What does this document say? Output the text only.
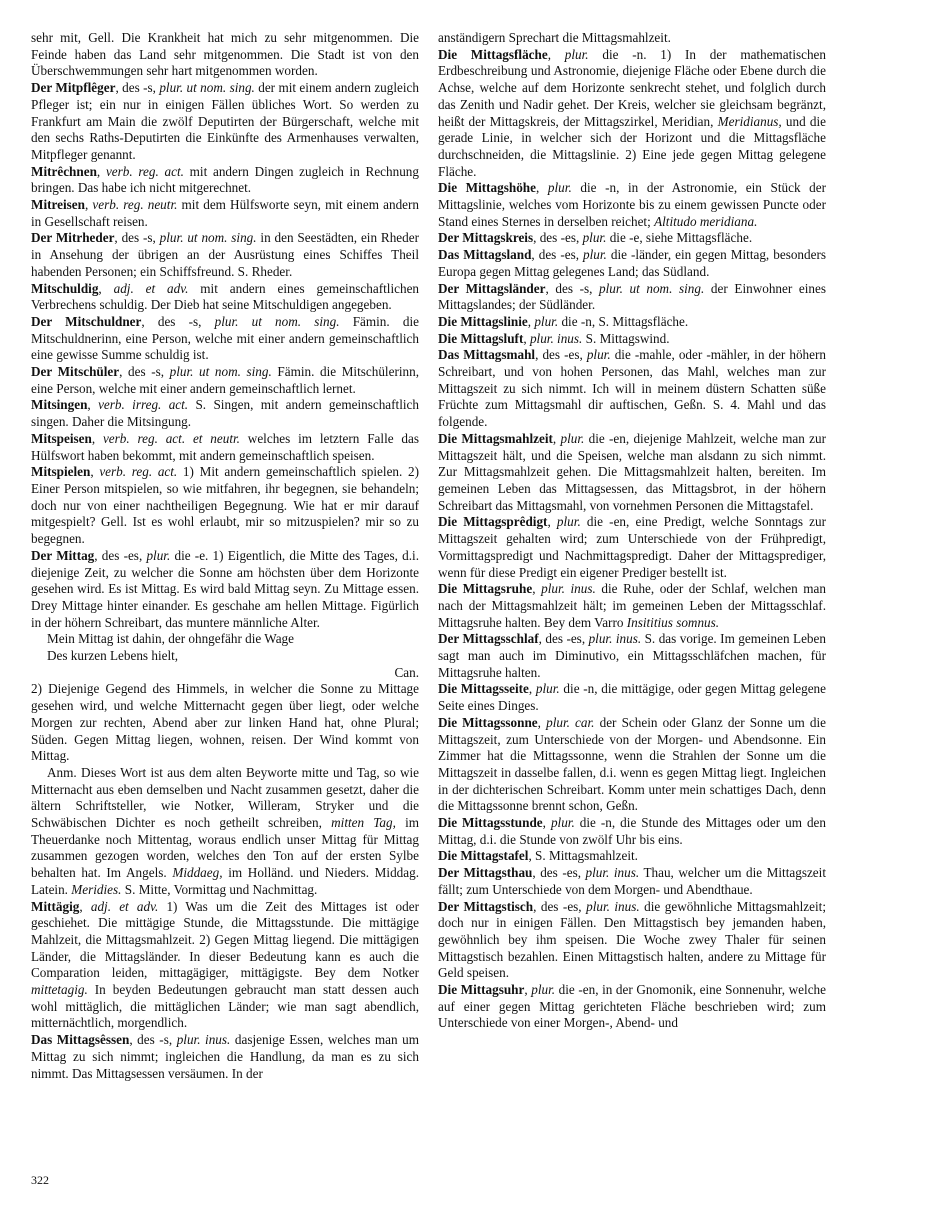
sehr mit, Gell. Die Krankheit hat mich zu sehr mitgenommen. Die Feinde haben das Land sehr mitgenommen. Die Stadt ist von den Überschwemmungen sehr hart mitgenommen worden.

Der Mitpflêger, des -s, plur. ut nom. sing. der mit einem andern zugleich Pfleger ist; ein nur in einigen Fällen übliches Wort. So werden zu Frankfurt am Main die zwölf Deputirten der Bürgerschaft, welche mit den sechs Raths-Deputirten die Einkünfte des Armenhauses verwalten, Mitpfleger genannt.

Mitrêchnen, verb. reg. act. mit andern Dingen zugleich in Rechnung bringen. Das habe ich nicht mitgerechnet.

Mitreisen, verb. reg. neutr. mit dem Hülfsworte seyn, mit einem andern in Gesellschaft reisen.

Der Mitrheder, des -s, plur. ut nom. sing. in den Seestädten, ein Rheder in Ansehung der übrigen an der Ausrüstung eines Schiffes Theil habenden Personen; ein Schiffsfreund. S. Rheder.

Mitschuldig, adj. et adv. mit andern eines gemeinschaftlichen Verbrechens schuldig. Der Dieb hat seine Mitschuldigen angegeben.

Der Mitschuldner, des -s, plur. ut nom. sing. Fämin. die Mitschuldnerinn, eine Person, welche mit einer andern gemeinschaftlich eine gewisse Summe schuldig ist.

Der Mitschüler, des -s, plur. ut nom. sing. Fämin. die Mitschülerinn, eine Person, welche mit einer andern gemeinschaftlich lernet.

Mitsingen, verb. irreg. act. S. Singen, mit andern gemeinschaftlich singen. Daher die Mitsingung.

Mitspeisen, verb. reg. act. et neutr. welches im letztern Falle das Hülfswort haben bekommt, mit andern gemeinschaftlich speisen.

Mitspielen, verb. reg. act. 1) Mit andern gemeinschaftlich spielen. 2) Einer Person mitspielen, so wie mitfahren, ihr begegnen, sie behandeln; doch nur von einer nachtheiligen Begegnung. Wie hat er mir darauf mitgespielt? Gell. Ist es wohl erlaubt, mir so mitzuspielen? mir so zu begegnen.

Der Mittag, des -es, plur. die -e. 1) Eigentlich, die Mitte des Tages, d.i. diejenige Zeit, zu welcher die Sonne am höchsten über dem Horizonte gesehen wird. Es ist Mittag. Es wird bald Mittag seyn. Zu Mittage essen. Drey Mittage hinter einander. Es geschahe am hellen Mittage. Figürlich in der höhern Schreibart, das muntere männliche Alter.

Mein Mittag ist dahin, der ohngefähr die Wage
Des kurzen Lebens hielt,
Can.

2) Diejenige Gegend des Himmels, in welcher die Sonne zu Mittage gesehen wird, und welche Mitternacht gegen über liegt, oder welche Morgen zur rechten, Abend aber zur linken Hand hat, ohne Plural; Süden. Gegen Mittag liegen, wohnen, reisen. Der Wind kommt von Mittag.

Anm. Dieses Wort ist aus dem alten Beyworte mitte und Tag, so wie Mitternacht aus eben demselben und Nacht zusammen gesetzt, daher die ältern Schriftsteller, wie Notker, Willeram, Stryker und die Schwäbischen Dichter es noch getheilt schreiben, mitten Tag, im Theuerdanke noch Mittentag, woraus endlich unser Mittag für Mittag zusammen gezogen worden, welches den Ton auf der ersten Sylbe behalten hat. Im Angels. Middaeg, im Holländ. und Nieders. Middag. Latein. Meridies. S. Mitte, Vormittag und Nachmittag.

Mittägig, adj. et adv. 1) Was um die Zeit des Mittages ist oder geschiehet. Die mittägige Stunde, die Mittagsstunde. Die mittägige Mahlzeit, die Mittagsmahlzeit. 2) Gegen Mittag liegend. Die mittägigen Länder, die Mittagsländer. In dieser Bedeutung kann es auch die Comparation leiden, mittagägiger, mittägigste. Bey dem Notker mittetagig. In beyden Bedeutungen gebraucht man statt dessen auch wohl mittäglich, die mittäglichen Länder; wie man sagt abendlich, mitternächtlich, morgendlich.

Das Mittagsêssen, des -s, plur. inus. dasjenige Essen, welches man um Mittag zu sich nimmt; ingleichen die Handlung, da man es zu sich nimmt. Das Mittagsessen versäumen. In der

anständigern Sprechart die Mittagsmahlzeit.

Die Mittagsfläche, plur. die -n. 1) In der mathematischen Erdbeschreibung und Astronomie, diejenige Fläche oder Ebene durch die Achse, welche auf dem Horizonte senkrecht stehet, und folglich durch das Zenith und Nadir gehet. Der Kreis, welcher sie gleichsam begränzt, heißt der Mittagskreis, der Mittagszirkel, Meridian, Meridianus, und die gerade Linie, in welcher sich der Horizont und die Mittagsfläche durchschneiden, die Mittagslinie. 2) Eine jede gegen Mittag gelegene Fläche.

Die Mittagshöhe, plur. die -n, in der Astronomie, ein Stück der Mittagslinie, welches vom Horizonte bis zu einem gewissen Puncte oder Stand eines Sternes in derselben reichet; Altitudo meridiana.

Der Mittagskreis, des -es, plur. die -e, siehe Mittagsfläche.

Das Mittagsland, des -es, plur. die -länder, ein gegen Mittag, besonders Europa gegen Mittag gelegenes Land; das Südland.

Der Mittagsländer, des -s, plur. ut nom. sing. der Einwohner eines Mittagslandes; der Südländer.

Die Mittagslinie, plur. die -n, S. Mittagsfläche.

Die Mittagsluft, plur. inus. S. Mittagswind.

Das Mittagsmahl, des -es, plur. die -mahle, oder -mähler, in der höhern Schreibart, und von hohen Personen, das Mahl, welches man zur Mittagszeit zu sich nimmt. Ich will in meinem düstern Schatten süße Früchte zum Mittagsmahl dir auftischen, Geßn. S. 4. Mahl und das folgende.

Die Mittagsmahlzeit, plur. die -en, diejenige Mahlzeit, welche man zur Mittagszeit hält, und die Speisen, welche man alsdann zu sich nimmt. Zur Mittagsmahlzeit gehen. Die Mittagsmahlzeit halten, bereiten. Im gemeinen Leben das Mittagsessen, das Mittagsbrot, in der höhern Schreibart das Mittagsmahl, von vornehmen Personen die Mittagstafel.

Die Mittagsprêdigt, plur. die -en, eine Predigt, welche Sonntags zur Mittagszeit gehalten wird; zum Unterschiede von der Frühpredigt, Vormittagspredigt und Nachmittagspredigt. Daher der Mittagsprediger, wenn für diese Predigt ein eigener Prediger bestellt ist.

Die Mittagsruhe, plur. inus. die Ruhe, oder der Schlaf, welchen man nach der Mittagsmahlzeit hält; im gemeinen Leben der Mittagsschlaf. Mittagsruhe halten. Bey dem Varro Insititius somnus.

Der Mittagsschlaf, des -es, plur. inus. S. das vorige. Im gemeinen Leben sagt man auch im Diminutivo, ein Mittagsschläfchen machen, für Mittagsruhe halten.

Die Mittagsseite, plur. die -n, die mittägige, oder gegen Mittag gelegene Seite eines Dinges.

Die Mittagssonne, plur. car. der Schein oder Glanz der Sonne um die Mittagszeit, zum Unterschiede von der Morgen- und Abendsonne. Ein Zimmer hat die Mittagssonne, wenn die Strahlen der Sonne um die Mittagszeit in dasselbe fallen, d.i. wenn es gegen Mittag liegt. Ingleichen in der dichterischen Schreibart. Komm unter mein schattiges Dach, denn die Mittagssonne brennt schon, Geßn.

Die Mittagsstunde, plur. die -n, die Stunde des Mittages oder um den Mittag, d.i. die Stunde von zwölf Uhr bis eins.

Die Mittagstafel, S. Mittagsmahlzeit.

Der Mittagsthau, des -es, plur. inus. Thau, welcher um die Mittagszeit fällt; zum Unterschiede von dem Morgen- und Abendthaue.

Der Mittagstisch, des -es, plur. inus. die gewöhnliche Mittagsmahlzeit; doch nur in einigen Fällen. Den Mittagstisch bey jemanden haben, gewöhnlich bey ihm speisen. Die Woche zwey Thaler für seinen Mittagstisch bezahlen. Einen Mittagstisch halten, andere zu Mittage für Geld speisen.

Die Mittagsuhr, plur. die -en, in der Gnomonik, eine Sonnenuhr, welche auf einer gegen Mittag gerichteten Fläche beschrieben wird; zum Unterschiede von einer Morgen-, Abend- und

322
